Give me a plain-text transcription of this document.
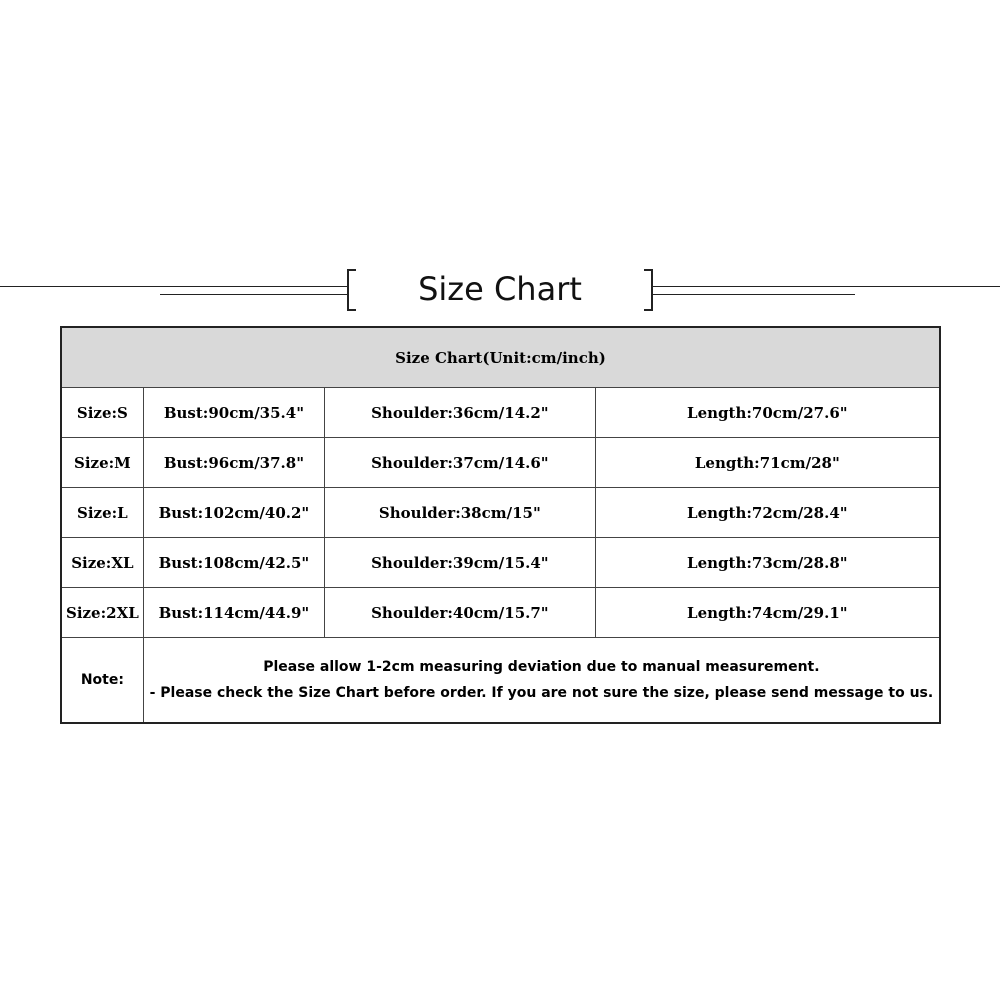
Size Chart
Size Chart(Unit:cm/inch)			
Size:S	Bust:90cm/35.4"	Shoulder:36cm/14.2"	Length:70cm/27.6"
Size:M	Bust:96cm/37.8"	Shoulder:37cm/14.6"	Length:71cm/28"
Size:L	Bust:102cm/40.2"	Shoulder:38cm/15"	Length:72cm/28.4"
Size:XL	Bust:108cm/42.5"	Shoulder:39cm/15.4"	Length:73cm/28.8"
Size:2XL	Bust:114cm/44.9"	Shoulder:40cm/15.7"	Length:74cm/29.1"
Note:	Please allow 1-2cm measuring deviation due to manual measurement.
- Please check the Size Chart before order. If you are not sure the size, please send message to us.		
